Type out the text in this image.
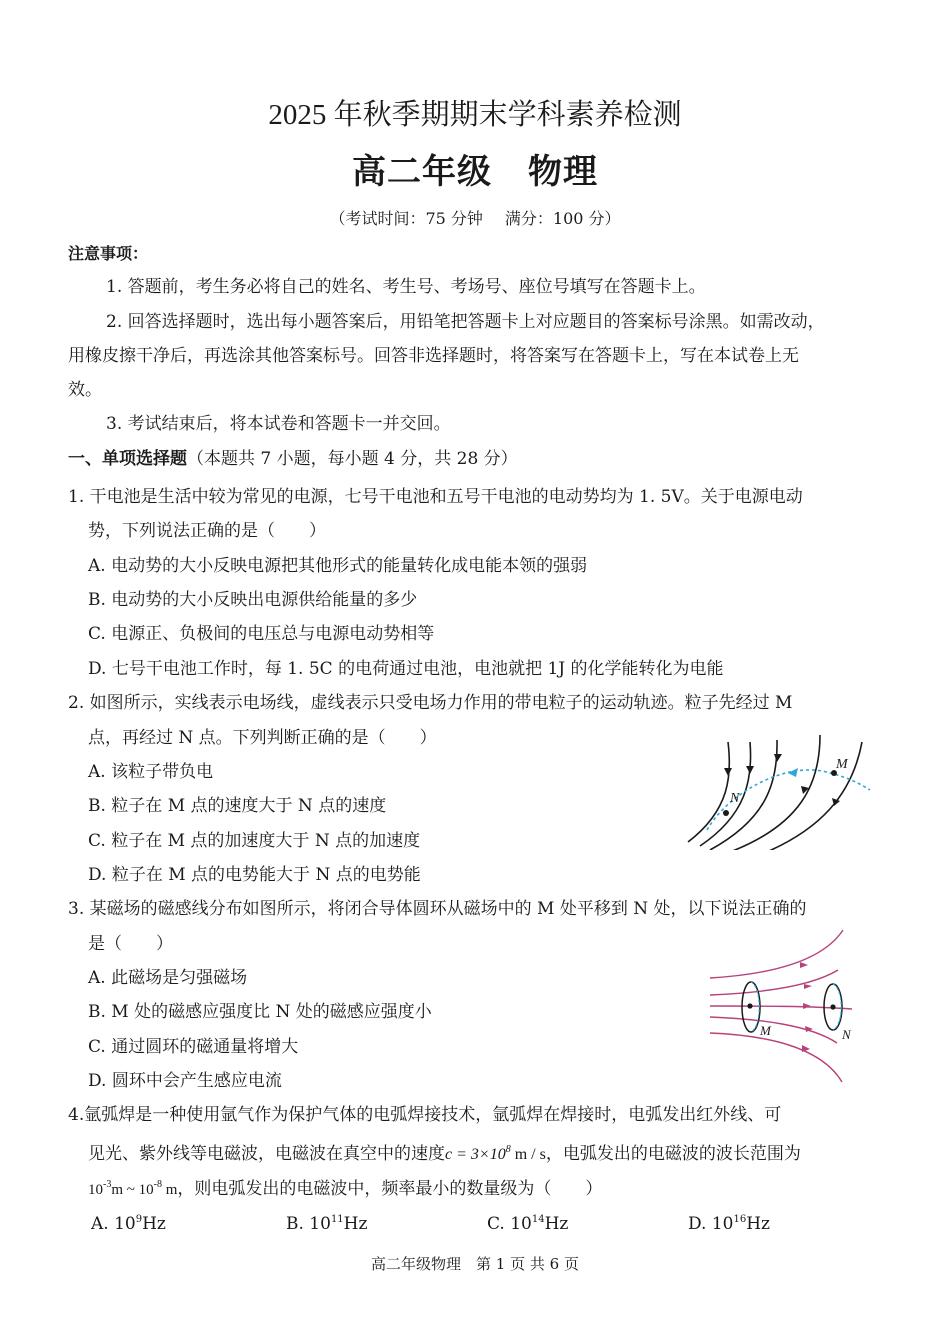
2025 年秋季期期末学科素养检测
高二年级 物理
（考试时间：75 分钟 满分：100 分）
注意事项：
1. 答题前，考生务必将自己的姓名、考生号、考场号、座位号填写在答题卡上。
2. 回答选择题时，选出每小题答案后，用铅笔把答题卡上对应题目的答案标号涂黑。如需改动，
用橡皮擦干净后，再选涂其他答案标号。回答非选择题时，将答案写在答题卡上，写在本试卷上无
效。
3. 考试结束后，将本试卷和答题卡一并交回。
一、单项选择题（本题共 7 小题，每小题 4 分，共 28 分）
1. 干电池是生活中较为常见的电源，七号干电池和五号干电池的电动势均为 1. 5V。关于电源电动
势，下列说法正确的是（　　）
A. 电动势的大小反映电源把其他形式的能量转化成电能本领的强弱
B. 电动势的大小反映出电源供给能量的多少
C. 电源正、负极间的电压总与电源电动势相等
D. 七号干电池工作时，每 1. 5C 的电荷通过电池，电池就把 1J 的化学能转化为电能
2. 如图所示，实线表示电场线，虚线表示只受电场力作用的带电粒子的运动轨迹。粒子先经过 M
点，再经过 N 点。下列判断正确的是（　　）
A. 该粒子带负电
B. 粒子在 M 点的速度大于 N 点的速度
C. 粒子在 M 点的加速度大于 N 点的加速度
D. 粒子在 M 点的电势能大于 N 点的电势能
M
N
3. 某磁场的磁感线分布如图所示，将闭合导体圆环从磁场中的 M 处平移到 N 处，以下说法正确的
是（　　）
A. 此磁场是匀强磁场
B. M 处的磁感应强度比 N 处的磁感应强度小
C. 通过圆环的磁通量将增大
D. 圆环中会产生感应电流
M	N
4.氩弧焊是一种使用氩气作为保护气体的电弧焊接技术，氩弧焊在焊接时，电弧发出红外线、可
见光、紫外线等电磁波，电磁波在真空中的速度$c = 3\times 10^8$ m / s，电弧发出的电磁波的波长范围为
$10^{-3}m$ ~ $10^{-8}$ m，则电弧发出的电磁波中，频率最小的数量级为（　　）
A. $10^9Hz$	B. $10^{11}Hz$	C. $10^{14}Hz$	D. $10^{16}Hz$
高二年级物理　第 1 页 共 6 页
